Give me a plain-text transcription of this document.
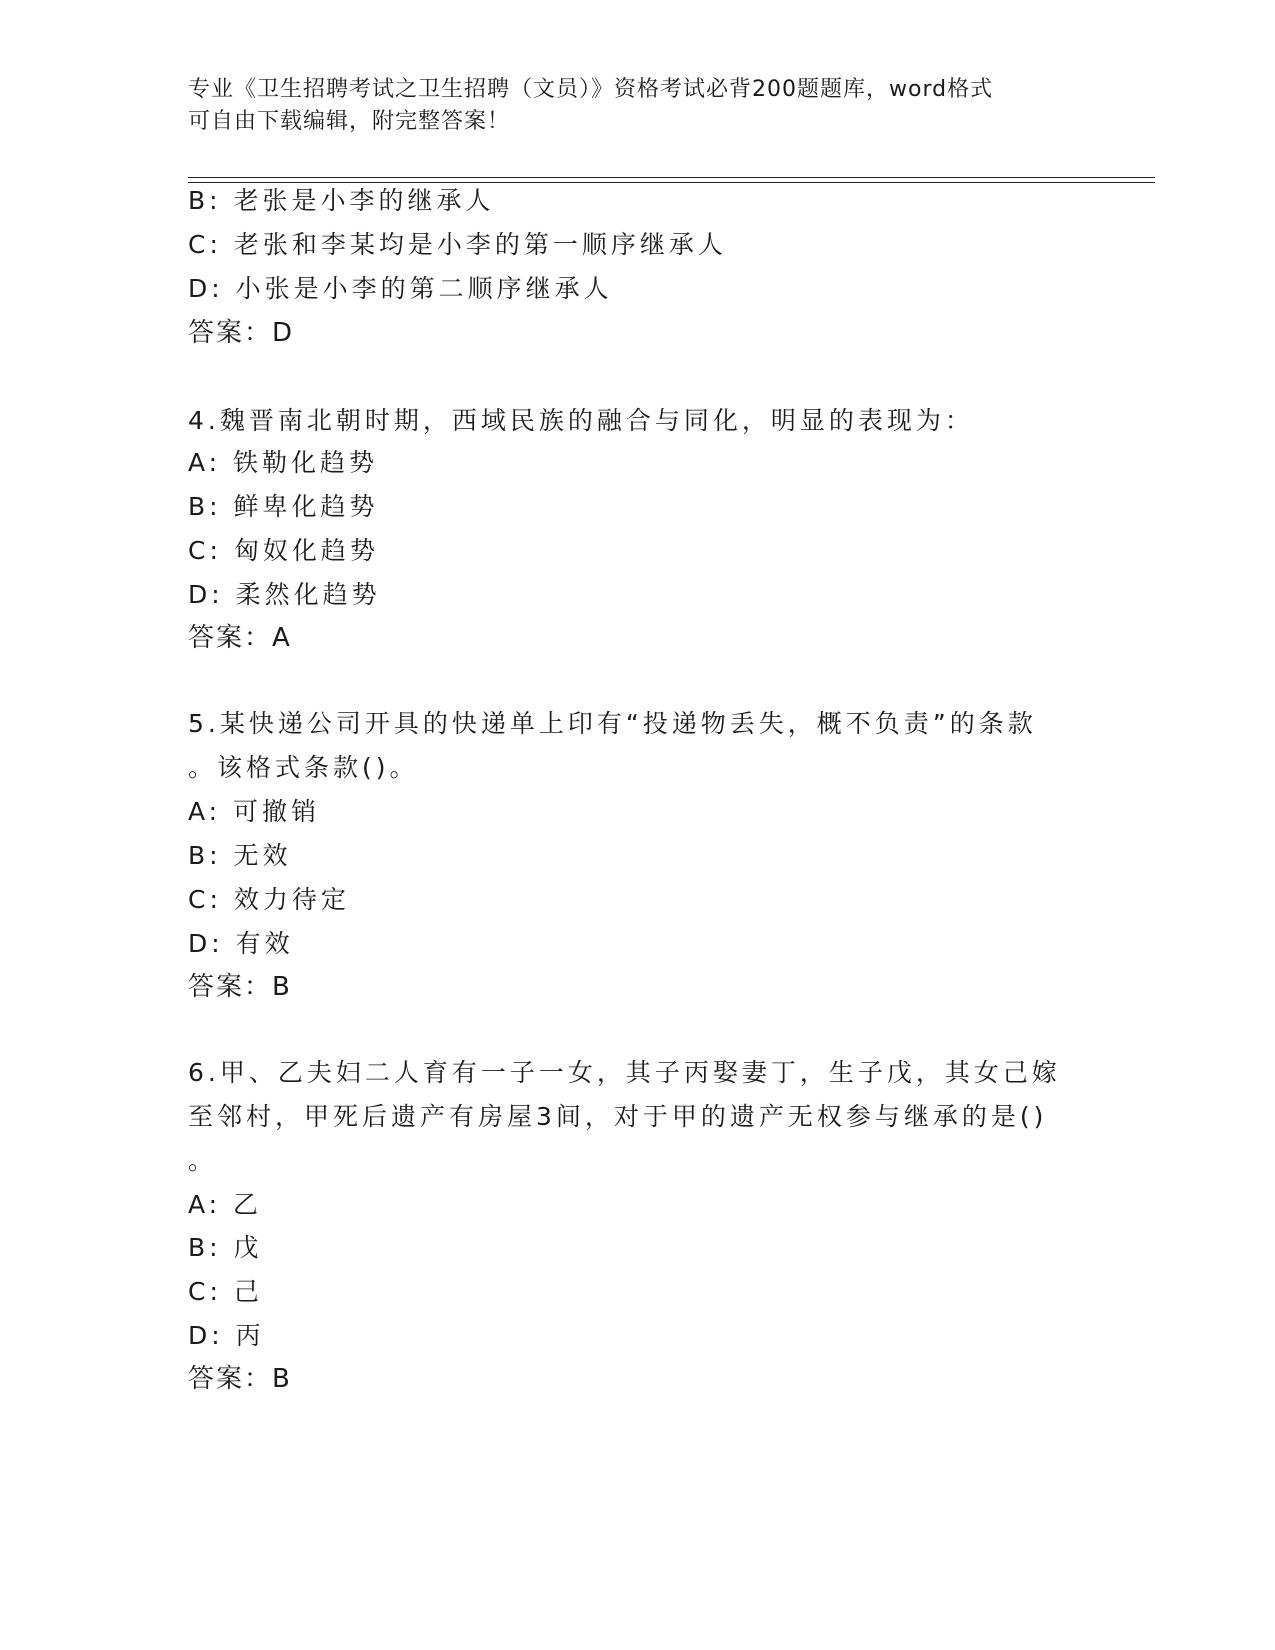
专业《卫生招聘考试之卫生招聘（文员）》资格考试必背200题题库，word格式
可自由下载编辑，附完整答案！
B: 老张是小李的继承人
C: 老张和李某均是小李的第一顺序继承人
D: 小张是小李的第二顺序继承人
答案：D
4.魏晋南北朝时期，西域民族的融合与同化，明显的表现为：
A: 铁勒化趋势
B: 鲜卑化趋势
C: 匈奴化趋势
D: 柔然化趋势
答案：A
5.某快递公司开具的快递单上印有“投递物丢失，概不负责”的条款
。该格式条款()。
A: 可撤销
B: 无效
C: 效力待定
D: 有效
答案：B
6.甲、乙夫妇二人育有一子一女，其子丙娶妻丁，生子戊，其女己嫁
至邻村，甲死后遗产有房屋3间，对于甲的遗产无权参与继承的是()
。
A: 乙
B: 戊
C: 己
D: 丙
答案：B
